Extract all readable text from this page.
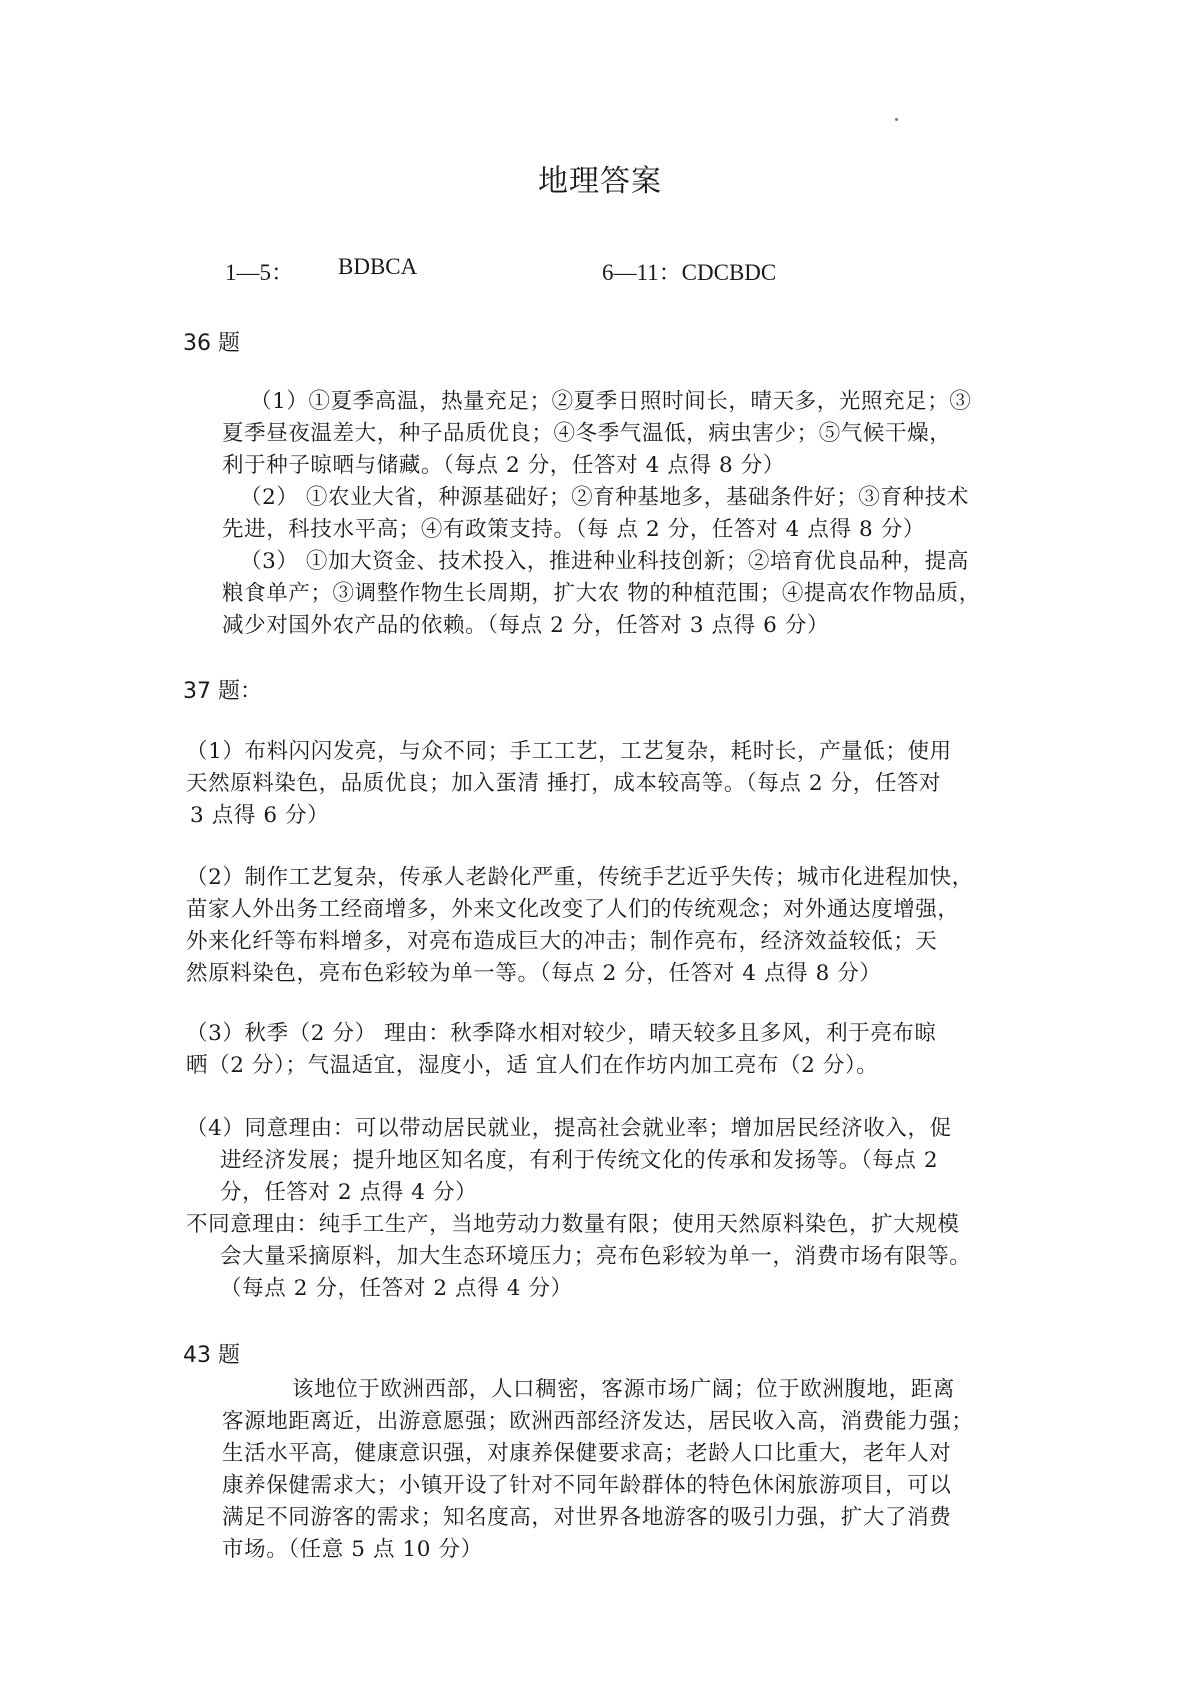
地理答案
1—5： BDBCA	6—11：CDCBDC
36 题
（1）①夏季高温，热量充足；②夏季日照时间长，晴天多，光照充足；③
夏季昼夜温差大，种子品质优良；④冬季气温低，病虫害少；⑤气候干燥，
利于种子晾晒与储藏。（每点 2 分，任答对 4 点得 8 分）
（2） ①农业大省，种源基础好；②育种基地多，基础条件好；③育种技术
先进，科技水平高；④有政策支持。（每 点 2 分，任答对 4 点得 8 分）
（3） ①加大资金、技术投入，推进种业科技创新；②培育优良品种，提高
粮食单产；③调整作物生长周期，扩大农 物的种植范围；④提高农作物品质，
减少对国外农产品的依赖。（每点 2 分，任答对 3 点得 6 分）
37 题：
（1）布料闪闪发亮，与众不同；手工工艺，工艺复杂，耗时长，产量低；使用
天然原料染色，品质优良；加入蛋清 捶打，成本较高等。（每点 2 分，任答对
3 点得 6 分）
（2）制作工艺复杂，传承人老龄化严重，传统手艺近乎失传；城市化进程加快，
苗家人外出务工经商增多，外来文化改变了人们的传统观念；对外通达度增强，
外来化纤等布料增多，对亮布造成巨大的冲击；制作亮布，经济效益较低；天
然原料染色，亮布色彩较为单一等。（每点 2 分，任答对 4 点得 8 分）
（3）秋季（2 分） 理由：秋季降水相对较少，晴天较多且多风，利于亮布晾
晒（2 分）；气温适宜，湿度小，适 宜人们在作坊内加工亮布（2 分）。
（4）同意理由：可以带动居民就业，提高社会就业率；增加居民经济收入，促
进经济发展；提升地区知名度，有利于传统文化的传承和发扬等。（每点 2
分，任答对 2 点得 4 分）
不同意理由：纯手工生产，当地劳动力数量有限；使用天然原料染色，扩大规模
会大量采摘原料，加大生态环境压力；亮布色彩较为单一，消费市场有限等。
（每点 2 分，任答对 2 点得 4 分）
43 题
该地位于欧洲西部，人口稠密，客源市场广阔；位于欧洲腹地，距离
客源地距离近，出游意愿强；欧洲西部经济发达，居民收入高，消费能力强；
生活水平高，健康意识强，对康养保健要求高；老龄人口比重大，老年人对
康养保健需求大；小镇开设了针对不同年龄群体的特色休闲旅游项目，可以
满足不同游客的需求；知名度高，对世界各地游客的吸引力强，扩大了消费
市场。（任意 5 点 10 分）
